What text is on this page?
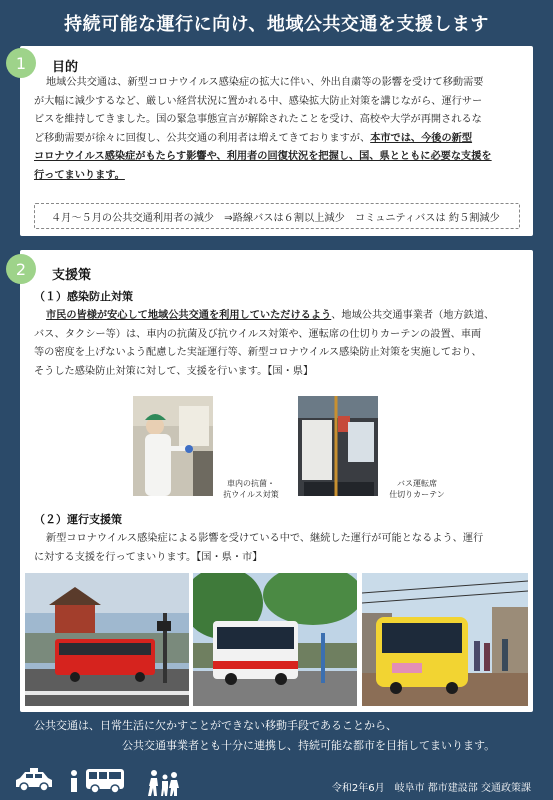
持続可能な運行に向け、地域公共交通を支援します
目的
地域公共交通は、新型コロナウイルス感染症の拡大に伴い、外出自粛等の影響を受けて移動需要
が大幅に減少するなど、厳しい経営状況に置かれる中、感染拡大防止対策を講じながら、運行サー
ビスを維持してきました。国の緊急事態宣言が解除されたことを受け、高校や大学が再開されるな
ど移動需要が徐々に回復し、公共交通の利用者は増えてきておりますが、本市では、今後の新型
コロナウイルス感染症がもたらす影響や、利用者の回復状況を把握し、国、県とともに必要な支援を
行ってまいります。
４月～５月の公共交通利用者の減少　⇒路線バスは６割以上減少　コミュニティバスは 約５割減少
1
支援策
（１）感染防止対策
市民の皆様が安心して地域公共交通を利用していただけるよう、地域公共交通事業者（地方鉄道、
バス、タクシー等）は、車内の抗菌及び抗ウイルス対策や、運転席の仕切りカーテンの設置、車両
等の密度を上げないよう配慮した実証運行等、新型コロナウイルス感染防止対策を実施しており、
そうした感染防止対策に対して、支援を行います。【国・県】
車内の抗菌・
抗ウイルス対策
バス運転席
仕切りカーテン
（２）運行支援策
新型コロナウイルス感染症による影響を受けている中で、継続した運行が可能となるよう、運行
に対する支援を行ってまいります。【国・県・市】
2
公共交通は、日常生活に欠かすことができない移動手段であることから、
公共交通事業者とも十分に連携し、持続可能な都市を目指してまいります。
令和2年6月　岐阜市 都市建設部 交通政策課
